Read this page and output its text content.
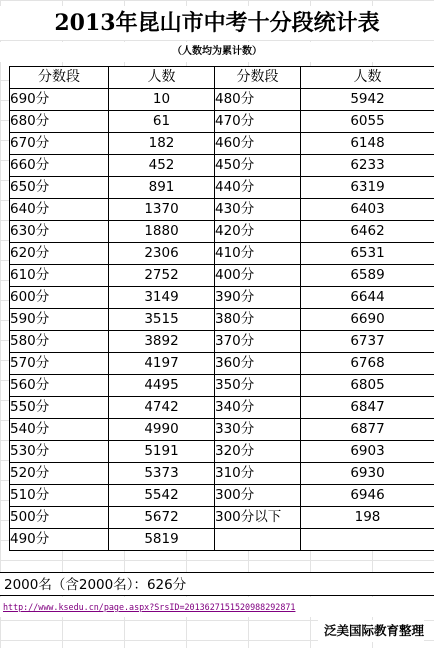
2013年昆山市中考十分段统计表
（人数均为累计数）
分数段	人数	分数段	人数
690分	10	480分	5942
680分	61	470分	6055
670分	182	460分	6148
660分	452	450分	6233
650分	891	440分	6319
640分	1370	430分	6403
630分	1880	420分	6462
620分	2306	410分	6531
610分	2752	400分	6589
600分	3149	390分	6644
590分	3515	380分	6690
580分	3892	370分	6737
570分	4197	360分	6768
560分	4495	350分	6805
550分	4742	340分	6847
540分	4990	330分	6877
530分	5191	320分	6903
520分	5373	310分	6930
510分	5542	300分	6946
500分	5672	300分以下	198
490分	5819		
2000名（含2000名）：626分
http://www.ksedu.cn/page.aspx?SrsID=2013627151520988292871
泛美国际教育整理
